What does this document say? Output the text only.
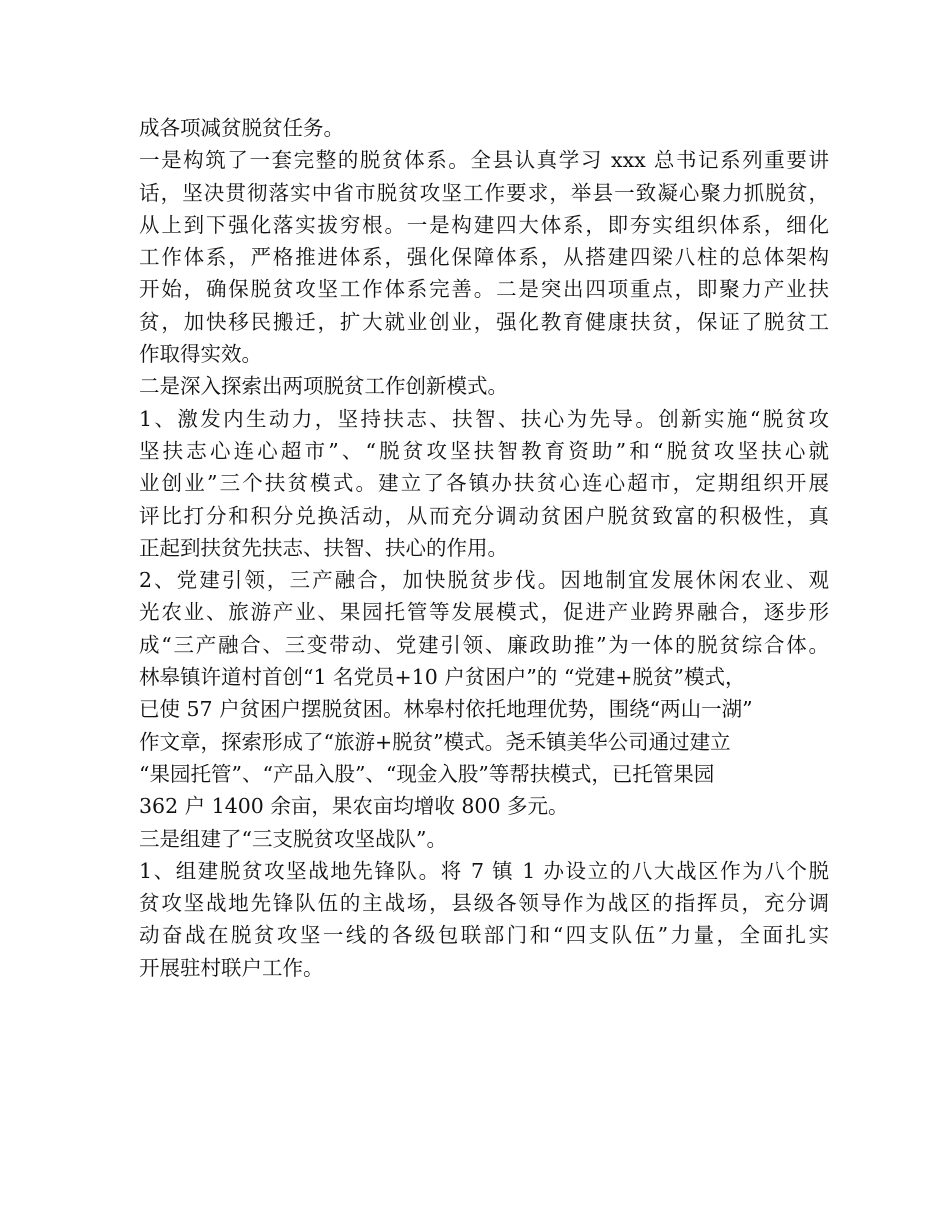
成各项减贫脱贫任务。
一是构筑了一套完整的脱贫体系。全县认真学习 xxx 总书记系列重要讲
话，坚决贯彻落实中省市脱贫攻坚工作要求，举县一致凝心聚力抓脱贫，
从上到下强化落实拔穷根。一是构建四大体系，即夯实组织体系，细化
工作体系，严格推进体系，强化保障体系，从搭建四梁八柱的总体架构
开始，确保脱贫攻坚工作体系完善。二是突出四项重点，即聚力产业扶
贫，加快移民搬迁，扩大就业创业，强化教育健康扶贫，保证了脱贫工
作取得实效。
二是深入探索出两项脱贫工作创新模式。
1、激发内生动力，坚持扶志、扶智、扶心为先导。创新实施“脱贫攻
坚扶志心连心超市”、“脱贫攻坚扶智教育资助”和“脱贫攻坚扶心就
业创业”三个扶贫模式。建立了各镇办扶贫心连心超市，定期组织开展
评比打分和积分兑换活动，从而充分调动贫困户脱贫致富的积极性，真
正起到扶贫先扶志、扶智、扶心的作用。
2、党建引领，三产融合，加快脱贫步伐。因地制宜发展休闲农业、观
光农业、旅游产业、果园托管等发展模式，促进产业跨界融合，逐步形
成“三产融合、三变带动、党建引领、廉政助推”为一体的脱贫综合体。
林皋镇许道村首创“1 名党员+10 户贫困户”的 “党建+脱贫”模式，
已使 57 户贫困户摆脱贫困。林皋村依托地理优势，围绕“两山一湖”
作文章，探索形成了“旅游+脱贫”模式。尧禾镇美华公司通过建立
“果园托管”、“产品入股”、“现金入股”等帮扶模式，已托管果园
362 户 1400 余亩，果农亩均增收 800 多元。
三是组建了“三支脱贫攻坚战队”。
1、组建脱贫攻坚战地先锋队。将 7 镇 1 办设立的八大战区作为八个脱
贫攻坚战地先锋队伍的主战场，县级各领导作为战区的指挥员，充分调
动奋战在脱贫攻坚一线的各级包联部门和“四支队伍”力量，全面扎实
开展驻村联户工作。
